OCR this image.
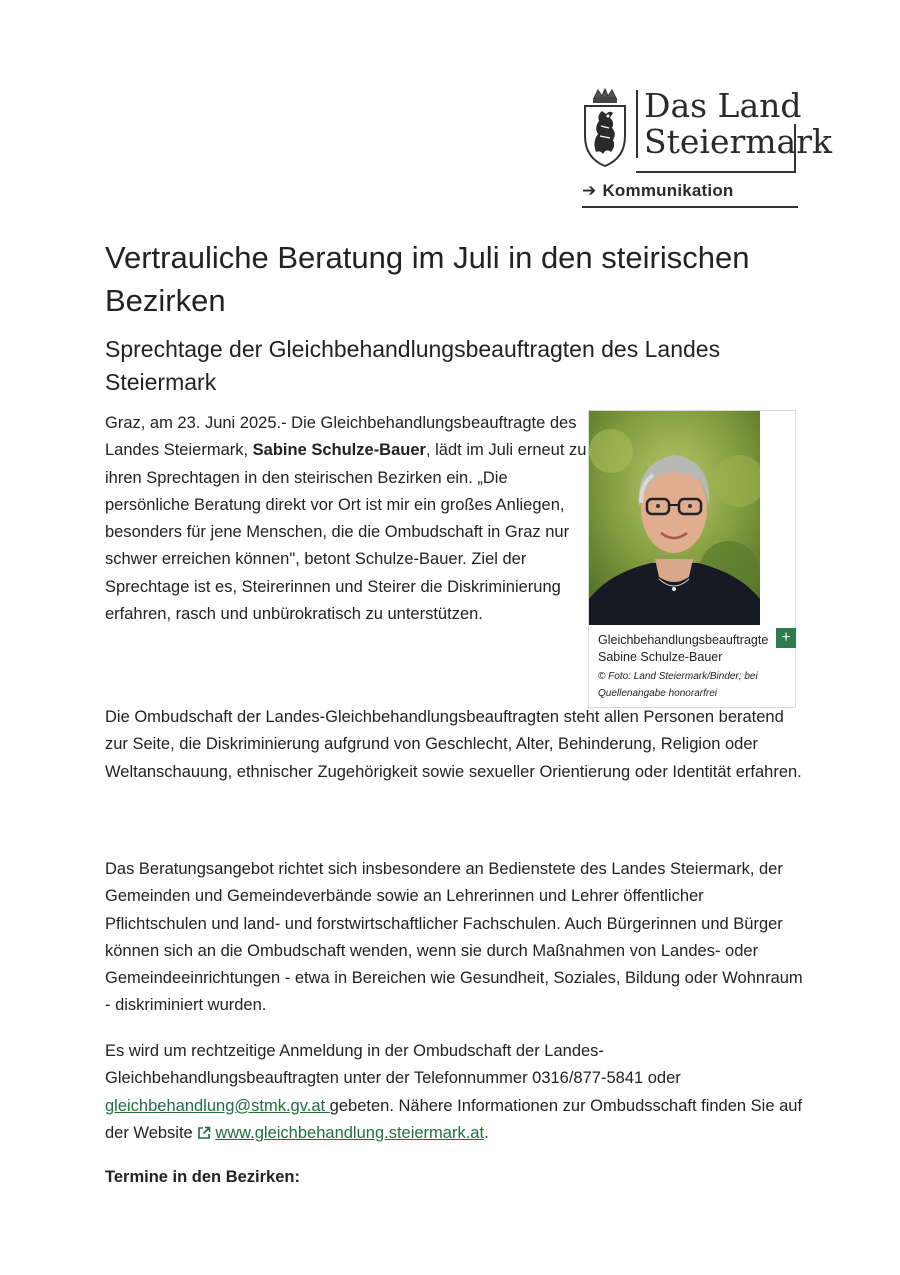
Das Land
Steiermark
➔ Kommunikation
Vertrauliche Beratung im Juli in den steirischen Bezirken
Sprechtage der Gleichbehandlungsbeauftragten des Landes Steiermark

Graz, am 23. Juni 2025.- Die Gleichbehandlungsbeauftragte des Landes Steiermark, Sabine Schulze-Bauer, lädt im Juli erneut zu ihren Sprechtagen in den steirischen Bezirken ein. „Die persönliche Beratung direkt vor Ort ist mir ein großes Anliegen, besonders für jene Menschen, die die Ombudschaft in Graz nur schwer erreichen können", betont Schulze-Bauer. Ziel der Sprechtage ist es, Steirerinnen und Steirer die Diskriminierung erfahren, rasch und unbürokratisch zu unterstützen.

+
Gleichbehandlungsbeauftragte Sabine Schulze-Bauer
© Foto: Land Steiermark/Binder; bei Quellenangabe honorarfrei

Die Ombudschaft der Landes-Gleichbehandlungsbeauftragten steht allen Personen beratend zur Seite, die Diskriminierung aufgrund von Geschlecht, Alter, Behinderung, Religion oder Weltanschauung, ethnischer Zugehörigkeit sowie sexueller Orientierung oder Identität erfahren.

Das Beratungsangebot richtet sich insbesondere an Bedienstete des Landes Steiermark, der Gemeinden und Gemeindeverbände sowie an Lehrerinnen und Lehrer öffentlicher Pflichtschulen und land- und forstwirtschaftlicher Fachschulen. Auch Bürgerinnen und Bürger können sich an die Ombudschaft wenden, wenn sie durch Maßnahmen von Landes- oder Gemeindeeinrichtungen - etwa in Bereichen wie Gesundheit, Soziales, Bildung oder Wohnraum - diskriminiert wurden.

Es wird um rechtzeitige Anmeldung in der Ombudschaft der Landes-Gleichbehandlungsbeauftragten unter der Telefonnummer 0316/877-5841 oder gleichbehandlung@stmk.gv.at gebeten. Nähere Informationen zur Ombudsschaft finden Sie auf der Website www.gleichbehandlung.steiermark.at.

Termine in den Bezirken:
